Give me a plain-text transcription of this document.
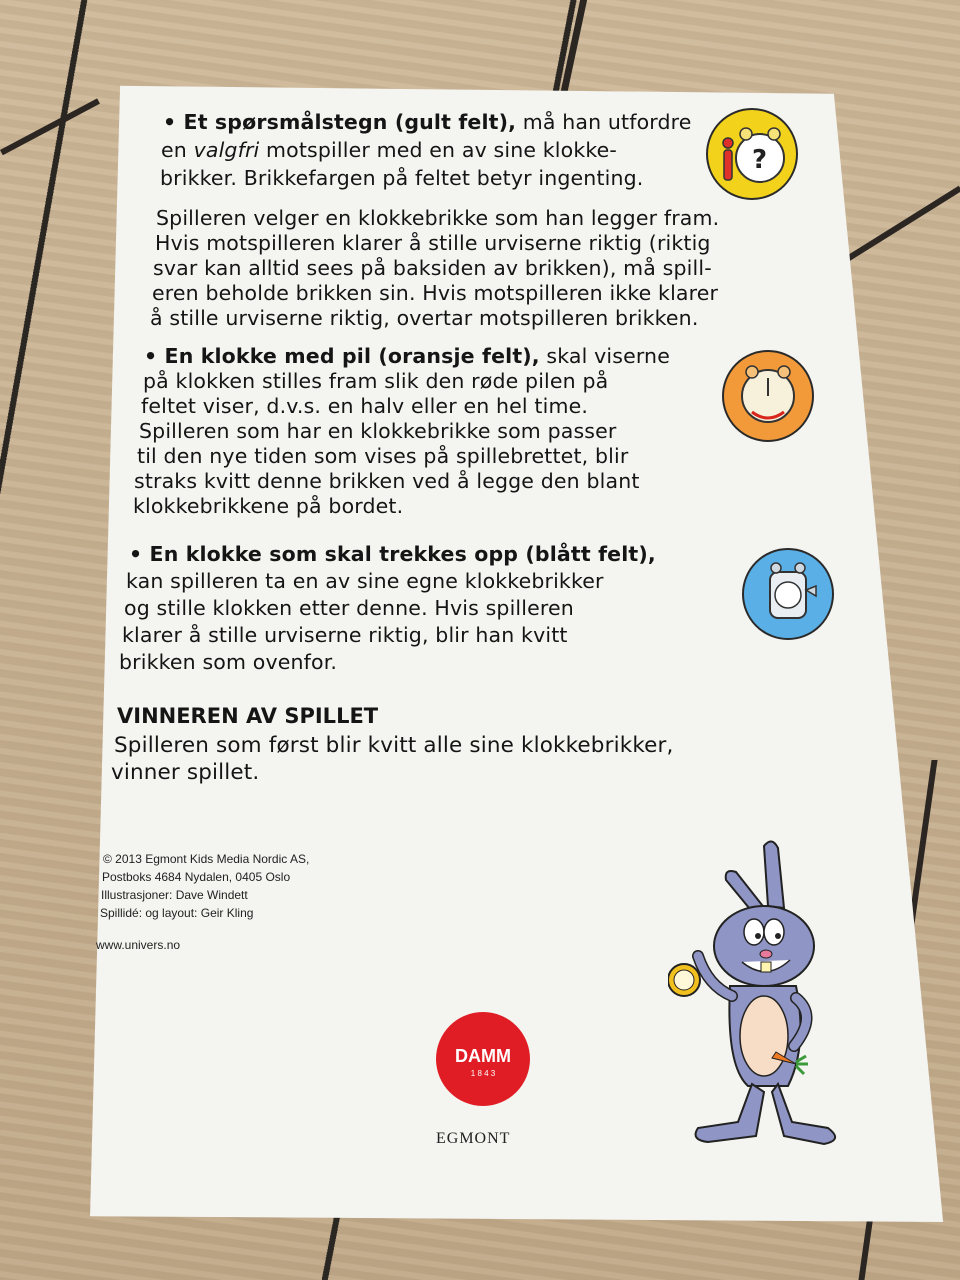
• Et spørsmålstegn (gult felt), må han utfordre
en valgfri motspiller med en av sine klokke-
brikker. Brikkefargen på feltet betyr ingenting.
Spilleren velger en klokkebrikke som han legger fram.
Hvis motspilleren klarer å stille urviserne riktig (riktig
svar kan alltid sees på baksiden av brikken), må spill-
eren beholde brikken sin. Hvis motspilleren ikke klarer
å stille urviserne riktig, overtar motspilleren brikken.
?
• En klokke med pil (oransje felt), skal viserne
på klokken stilles fram slik den røde pilen på
feltet viser, d.v.s. en halv eller en hel time.
Spilleren som har en klokkebrikke som passer
til den nye tiden som vises på spillebrettet, blir
straks kvitt denne brikken ved å legge den blant
klokkebrikkene på bordet.
• En klokke som skal trekkes opp (blått felt),
kan spilleren ta en av sine egne klokkebrikker
og stille klokken etter denne. Hvis spilleren
klarer å stille urviserne riktig, blir han kvitt
brikken som ovenfor.
VINNEREN AV SPILLET
Spilleren som først blir kvitt alle sine klokkebrikker,
vinner spillet.
© 2013 Egmont Kids Media Nordic AS,
Postboks 4684 Nydalen, 0405 Oslo
Illustrasjoner: Dave Windett
Spillidé: og layout: Geir Kling
www.univers.no
DAMM
1 8 4 3
EGMONT
